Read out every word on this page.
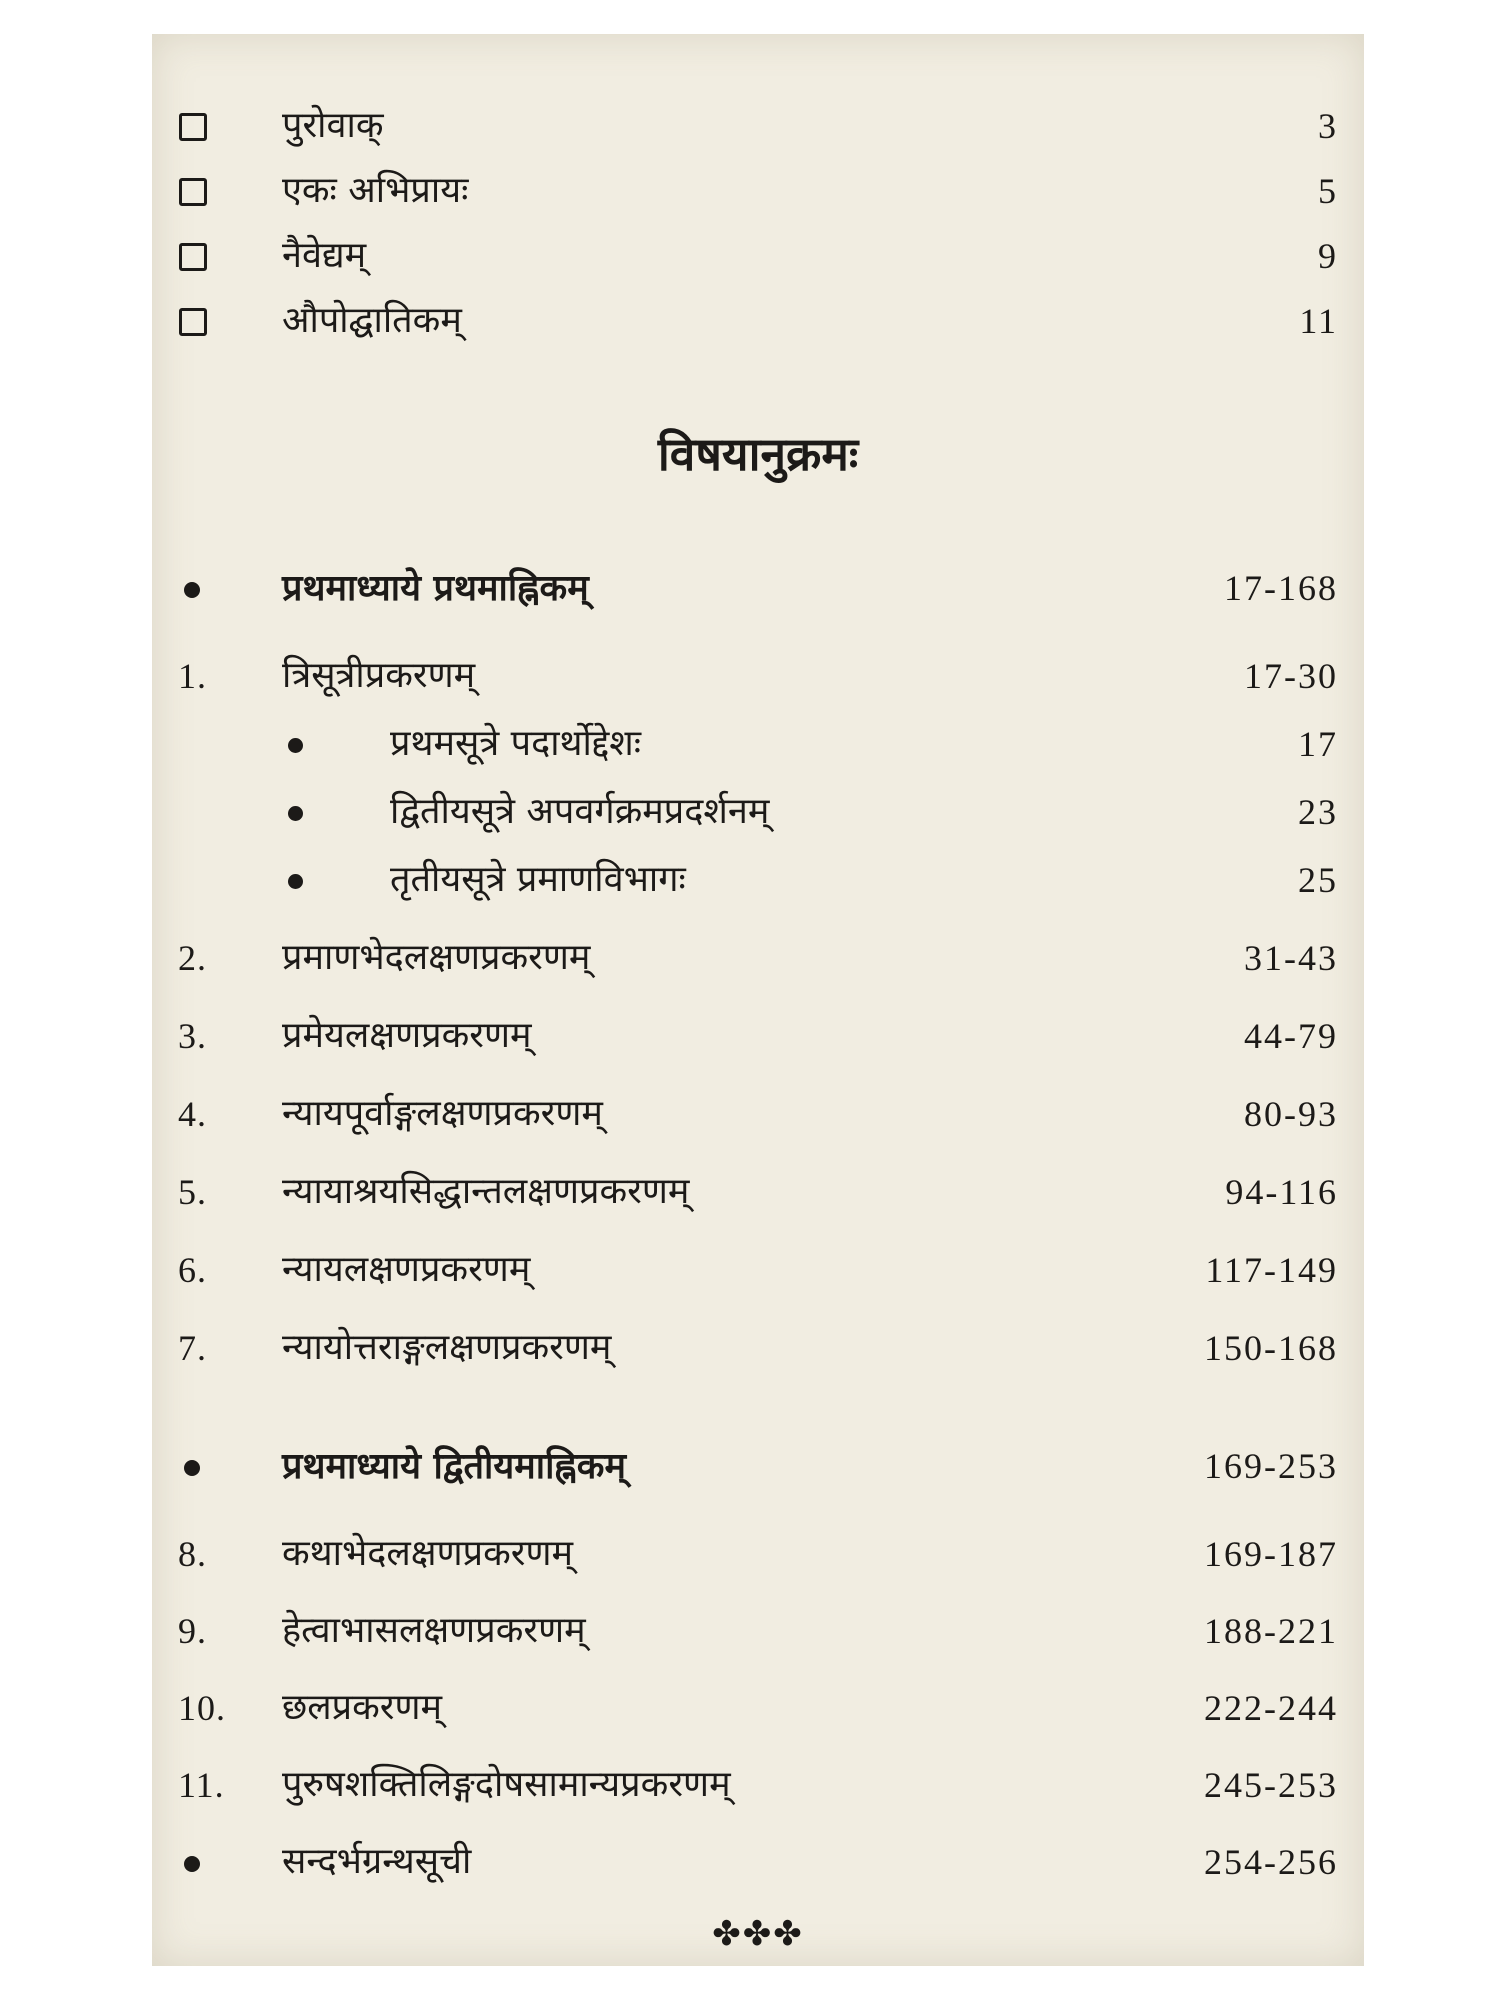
पुरोवाक्	3
एकः अभिप्रायः	5
नैवेद्यम्	9
औपोद्घातिकम्	11
विषयानुक्रमः
प्रथमाध्याये प्रथमाह्निकम्	17-168
1. त्रिसूत्रीप्रकरणम्	17-30
प्रथमसूत्रे पदार्थोद्देशः	17
द्वितीयसूत्रे अपवर्गक्रमप्रदर्शनम्	23
तृतीयसूत्रे प्रमाणविभागः	25
2. प्रमाणभेदलक्षणप्रकरणम्	31-43
3. प्रमेयलक्षणप्रकरणम्	44-79
4. न्यायपूर्वाङ्गलक्षणप्रकरणम्	80-93
5. न्यायाश्रयसिद्धान्तलक्षणप्रकरणम्	94-116
6. न्यायलक्षणप्रकरणम्	117-149
7. न्यायोत्तराङ्गलक्षणप्रकरणम्	150-168
प्रथमाध्याये द्वितीयमाह्निकम्	169-253
8. कथाभेदलक्षणप्रकरणम्	169-187
9. हेत्वाभासलक्षणप्रकरणम्	188-221
10. छलप्रकरणम्	222-244
11. पुरुषशक्तिलिङ्गदोषसामान्यप्रकरणम्	245-253
सन्दर्भग्रन्थसूची	254-256
✤✤✤
